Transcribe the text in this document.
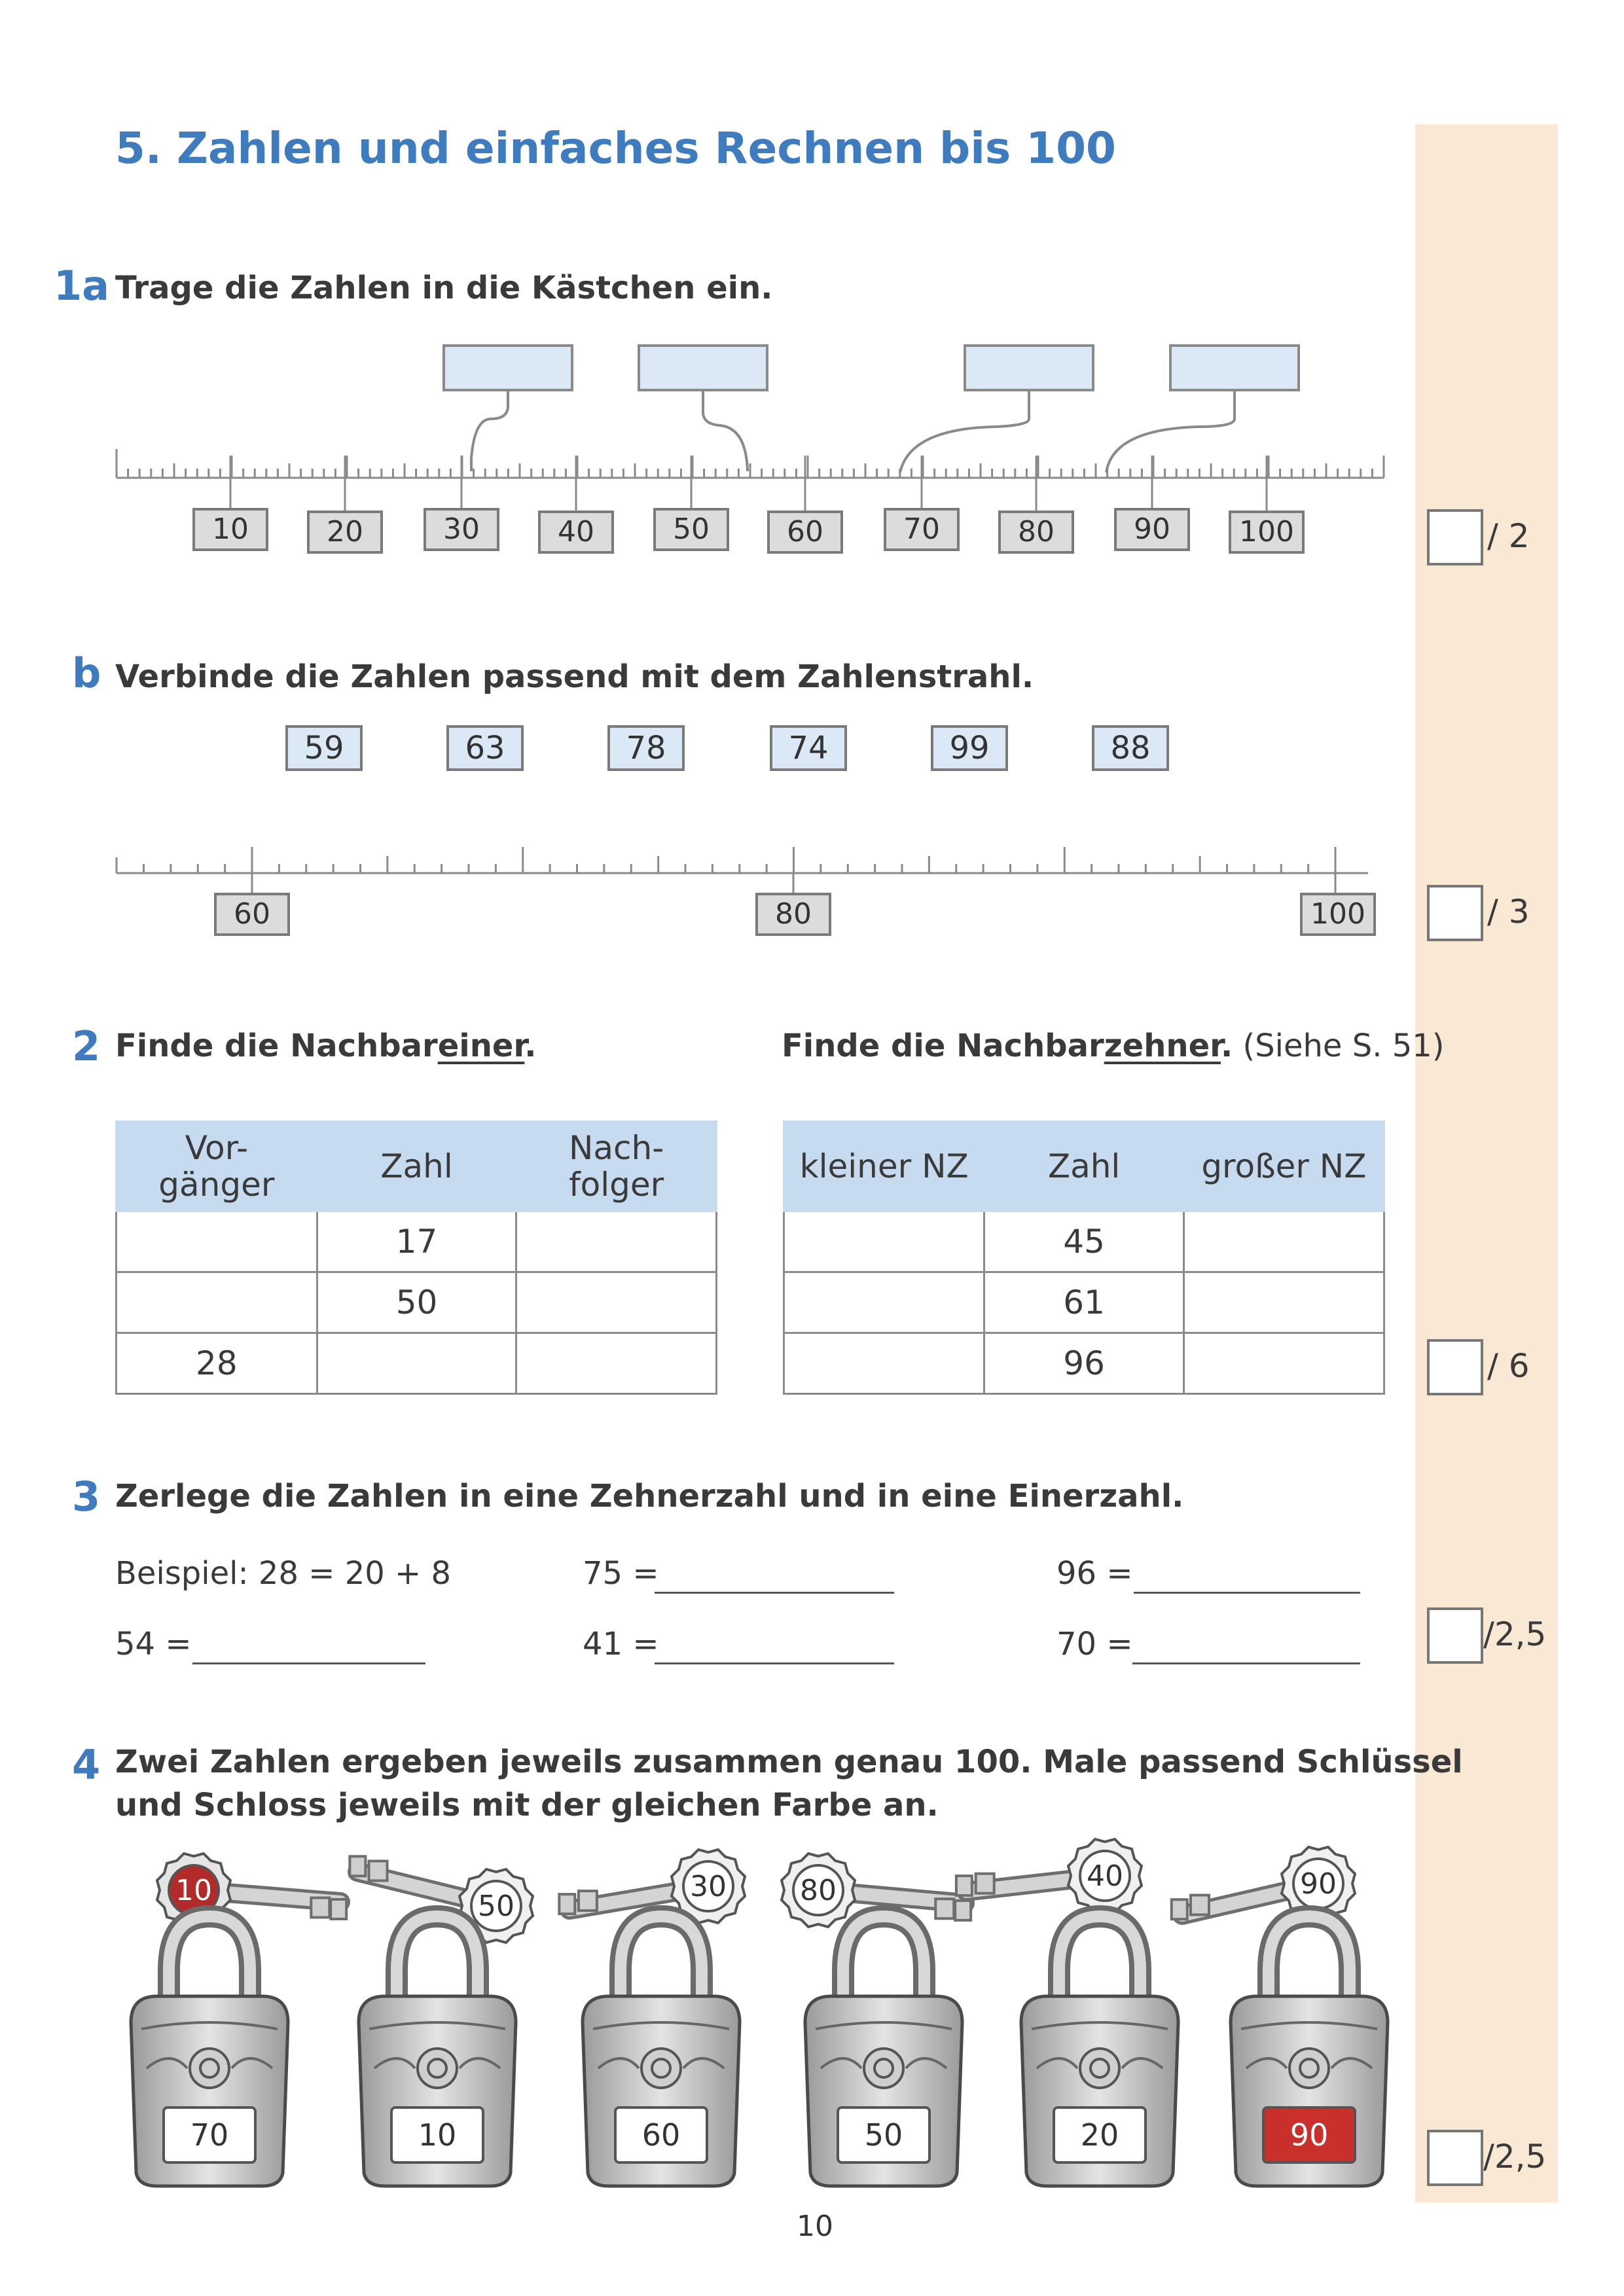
5. Zahlen und einfaches Rechnen bis 100
1a Trage die Zahlen in die Kästchen ein.
10	20	30	40	50	60	70	80	90	100	/ 2
b Verbinde die Zahlen passend mit dem Zahlenstrahl.
59	63	78	74	99	88
60	80	100	/ 3
2 Finde die Nachbareiner.	Finde die Nachbarzehner. (Siehe S. 51)
Vor-
gänger	Zahl	Nach-
folger
	17	
	50	
28		
kleiner NZ	Zahl	großer NZ
	45	
	61	
	96		/ 6
3 Zerlege die Zahlen in eine Zehnerzahl und in eine Einerzahl.
Beispiel: 28 = 20 + 8	75 =	96 =
54 =	41 =	70 =	/2,5
4 Zwei Zahlen ergeben jeweils zusammen genau 100. Male passend Schlüssel
und Schloss jeweils mit der gleichen Farbe an.
10	50
30	80	40	90
70	10	60	50	20	90
/2,5
10
